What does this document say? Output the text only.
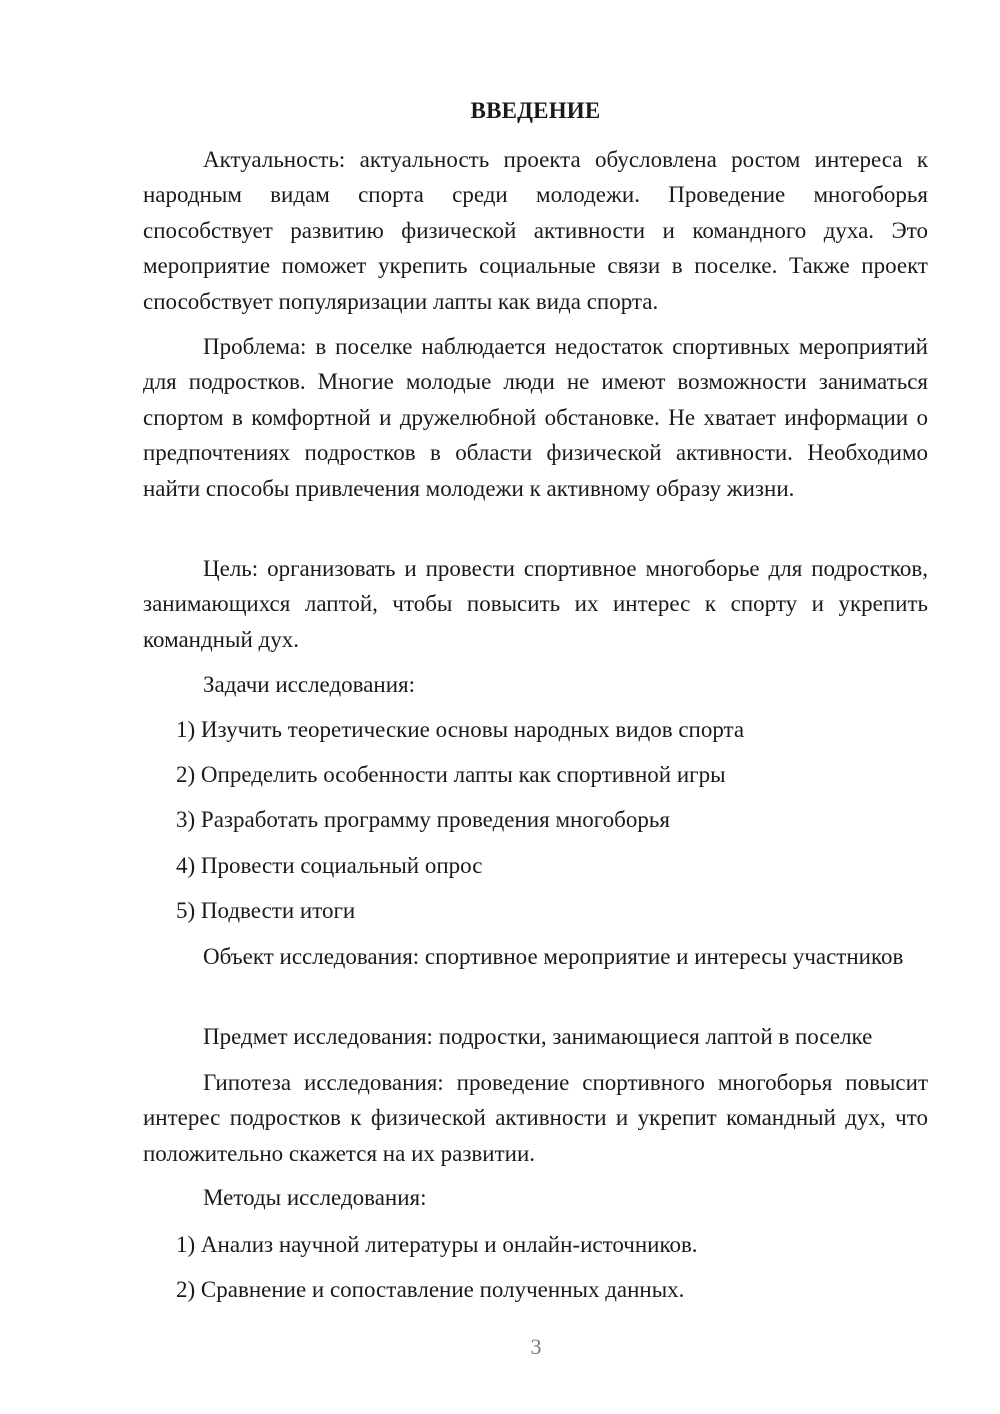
ВВЕДЕНИЕ

Актуальность: актуальность проекта обусловлена ростом интереса к народным видам спорта среди молодежи. Проведение многоборья способствует развитию физической активности и командного духа. Это мероприятие поможет укрепить социальные связи в поселке. Также проект способствует популяризации лапты как вида спорта.

Проблема: в поселке наблюдается недостаток спортивных мероприятий для подростков. Многие молодые люди не имеют возможности заниматься спортом в комфортной и дружелюбной обстановке. Не хватает информации о предпочтениях подростков в области физической активности. Необходимо найти способы привлечения молодежи к активному образу жизни.

Цель: организовать и провести спортивное многоборье для подростков, занимающихся лаптой, чтобы повысить их интерес к спорту и укрепить командный дух.

Задачи исследования:
1) Изучить теоретические основы народных видов спорта
2) Определить особенности лапты как спортивной игры
3) Разработать программу проведения многоборья
4) Провести социальный опрос
5) Подвести итоги

Объект исследования: спортивное мероприятие и интересы участников

Предмет исследования: подростки, занимающиеся лаптой в поселке

Гипотеза исследования: проведение спортивного многоборья повысит интерес подростков к физической активности и укрепит командный дух, что положительно скажется на их развитии.

Методы исследования:
1) Анализ научной литературы и онлайн-источников.
2) Сравнение и сопоставление полученных данных.
3
